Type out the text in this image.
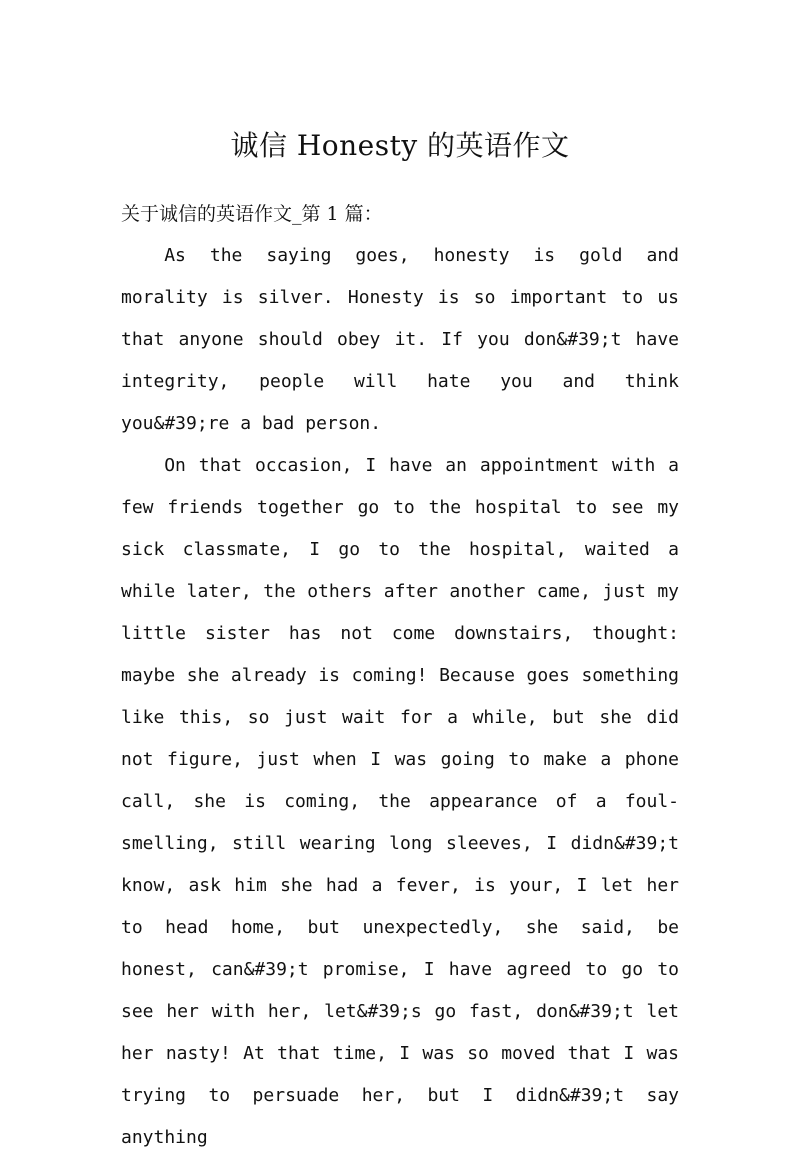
诚信 Honesty 的英语作文
关于诚信的英语作文_第 1 篇：

As the saying goes, honesty is gold and morality is silver. Honesty is so important to us that anyone should obey it. If you don&#39;t have integrity, people will hate you and think you&#39;re a bad person.

On that occasion, I have an appointment with a few friends together go to the hospital to see my sick classmate, I go to the hospital, waited a while later, the others after another came, just my little sister has not come downstairs, thought: maybe she already is coming! Because goes something like this, so just wait for a while, but she did not figure, just when I was going to make a phone call, she is coming, the appearance of a foul-smelling, still wearing long sleeves, I didn&#39;t know, ask him she had a fever, is your, I let her to head home, but unexpectedly, she said, be honest, can&#39;t promise, I have agreed to go to see her with her, let&#39;s go fast, don&#39;t let her nasty! At that time, I was so moved that I was trying to persuade her, but I didn&#39;t say anything
